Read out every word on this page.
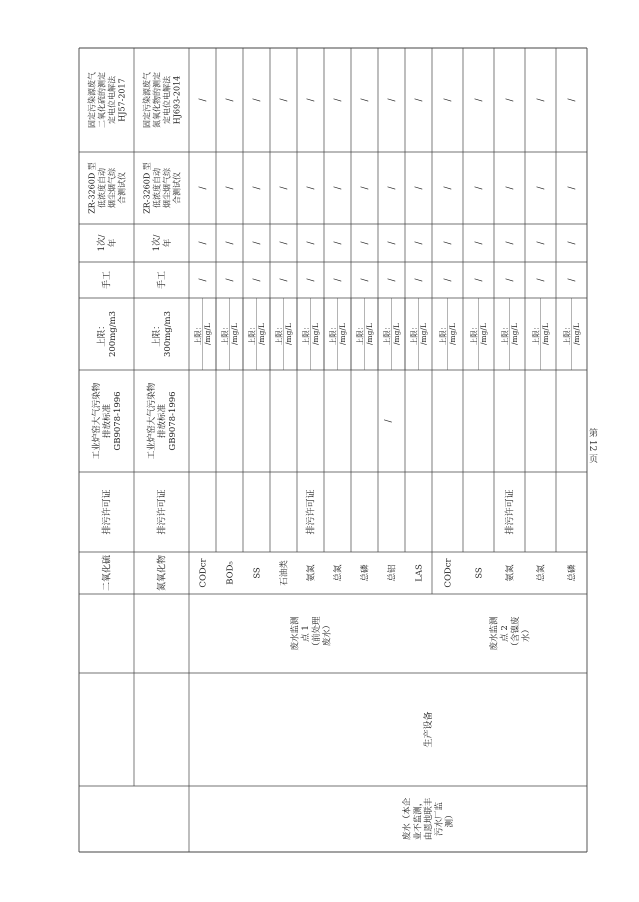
废水（本企 业不监测， 由恩地联丰 污水厂监 测）
生产设备
二氧化硫
排污许可证
工业炉窑大气污染物 排放标准 GB9078-1996
上限： 200mg/m3
手工
1次/ 年
ZR-3260D 型 低浓度自动 烟尘烟气综 合测试仪
固定污染源废气 二氧化硫的测定 定电位电解法 HJ57-2017
氮氧化物
排污许可证
工业炉窑大气污染物 排放标准 GB9078-1996
上限： 300mg/m3
手工
1次/ 年
ZR-3260D 型 低浓度自动 烟尘烟气综 合测试仪
固定污染源废气 氮氧化物的测定 定电位电解法 HJ693-2014
废水监测 点 1 （前处理 废水）
排污许可证
/
CODcr
上限： /mg/L
/
/
/
/
BOD₅
上限： /mg/L
/
/
/
/
SS
上限： /mg/L
/
/
/
/
石油类
上限： /mg/L
/
/
/
/
氨氮
上限： /mg/L
/
/
/
/
总氮
上限： /mg/L
/
/
/
/
总磷
上限： /mg/L
/
/
/
/
总铝
上限： /mg/L
/
/
/
/
LAS
上限： /mg/L
/
/
/
/
废水监测 点 2 （含镍废 水）
排污许可证
CODcr
上限： /mg/L
/
/
/
/
SS
上限： /mg/L
/
/
/
/
氨氮
上限： /mg/L
/
/
/
/
总氮
上限： /mg/L
/
/
/
/
总磷
上限： /mg/L
/
/
/
/
第 12 页
